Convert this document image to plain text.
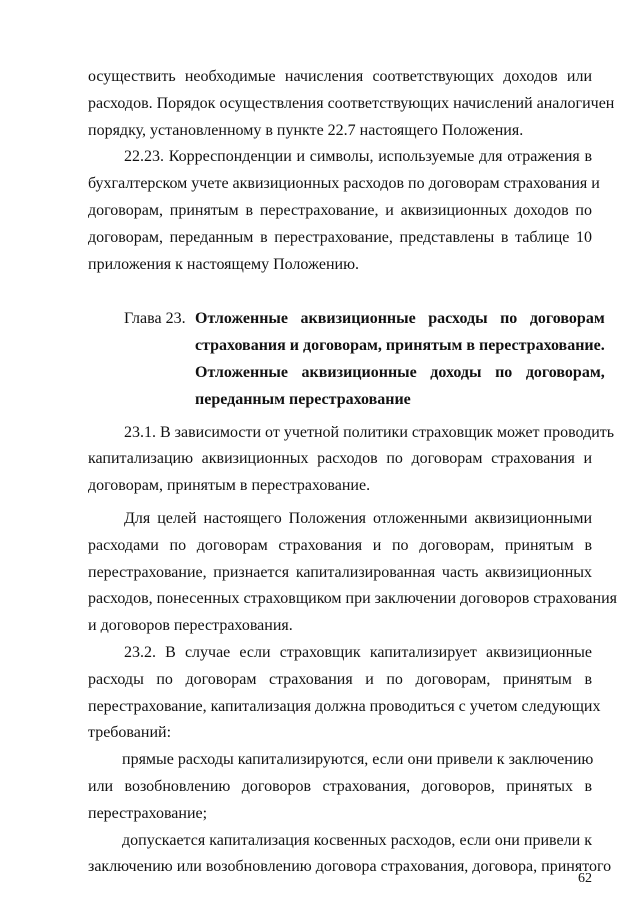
осуществить необходимые начисления соответствующих доходов или
расходов. Порядок осуществления соответствующих начислений аналогичен
порядку, установленному в пункте 22.7 настоящего Положения.
22.23. Корреспонденции и символы, используемые для отражения в
бухгалтерском учете аквизиционных расходов по договорам страхования и
договорам, принятым в перестрахование, и аквизиционных доходов по
договорам, переданным в перестрахование, представлены в таблице 10
приложения к настоящему Положению.
Глава 23. Отложенные аквизиционные расходы по договорам
страхования и договорам, принятым в перестрахование.
Отложенные аквизиционные доходы по договорам,
переданным перестрахование
23.1. В зависимости от учетной политики страховщик может проводить
капитализацию аквизиционных расходов по договорам страхования и
договорам, принятым в перестрахование.
Для целей настоящего Положения отложенными аквизиционными
расходами по договорам страхования и по договорам, принятым в
перестрахование, признается капитализированная часть аквизиционных
расходов, понесенных страховщиком при заключении договоров страхования
и договоров перестрахования.
23.2. В случае если страховщик капитализирует аквизиционные
расходы по договорам страхования и по договорам, принятым в
перестрахование, капитализация должна проводиться с учетом следующих
требований:
прямые расходы капитализируются, если они привели к заключению
или возобновлению договоров страхования, договоров, принятых в
перестрахование;
допускается капитализация косвенных расходов, если они привели к
заключению или возобновлению договора страхования, договора, принятого
62
